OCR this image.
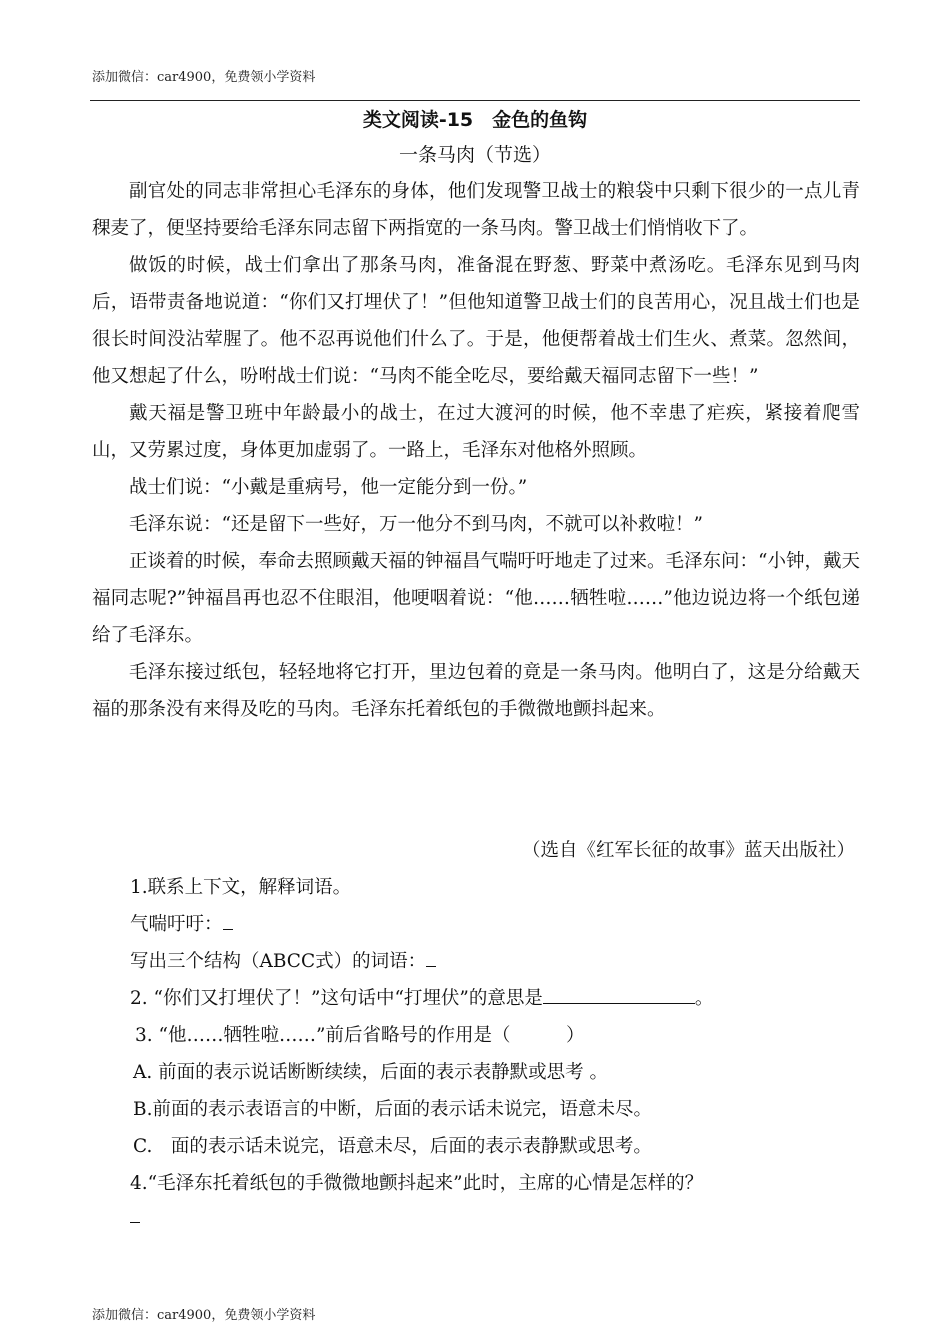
添加微信：car4900，免费领小学资料
类文阅读-15　金色的鱼钩
一条马肉（节选）

副官处的同志非常担心毛泽东的身体，他们发现警卫战士的粮袋中只剩下很少的一点儿青稞麦了，便坚持要给毛泽东同志留下两指宽的一条马肉。警卫战士们悄悄收下了。

做饭的时候，战士们拿出了那条马肉，准备混在野葱、野菜中煮汤吃。毛泽东见到马肉后，语带责备地说道：“你们又打埋伏了！”但他知道警卫战士们的良苦用心，况且战士们也是很长时间没沾荤腥了。他不忍再说他们什么了。于是，他便帮着战士们生火、煮菜。忽然间，他又想起了什么，吩咐战士们说：“马肉不能全吃尽，要给戴天福同志留下一些！”

戴天福是警卫班中年龄最小的战士，在过大渡河的时候，他不幸患了疟疾，紧接着爬雪山，又劳累过度，身体更加虚弱了。一路上，毛泽东对他格外照顾。

战士们说：“小戴是重病号，他一定能分到一份。”

毛泽东说：“还是留下一些好，万一他分不到马肉，不就可以补救啦！”

正谈着的时候，奉命去照顾戴天福的钟福昌气喘吁吁地走了过来。毛泽东问：“小钟，戴天福同志呢?”钟福昌再也忍不住眼泪，他哽咽着说：“他……牺牲啦……”他边说边将一个纸包递给了毛泽东。

毛泽东接过纸包，轻轻地将它打开，里边包着的竟是一条马肉。他明白了，这是分给戴天福的那条没有来得及吃的马肉。毛泽东托着纸包的手微微地颤抖起来。

（选自《红军长征的故事》蓝天出版社）
1.联系上下文，解释词语。
气喘吁吁：
写出三个结构（ABCC式）的词语：
2. “你们又打埋伏了！”这句话中“打埋伏”的意思是	。
3. “他……牺牲啦……”前后省略号的作用是（　　　）
A. 前面的表示说话断断续续，后面的表示表静默或思考 。
B.前面的表示表语言的中断，后面的表示话未说完，语意未尽。
C.　面的表示话未说完，语意未尽，后面的表示表静默或思考。
4.“毛泽东托着纸包的手微微地颤抖起来”此时，主席的心情是怎样的？
添加微信：car4900，免费领小学资料
